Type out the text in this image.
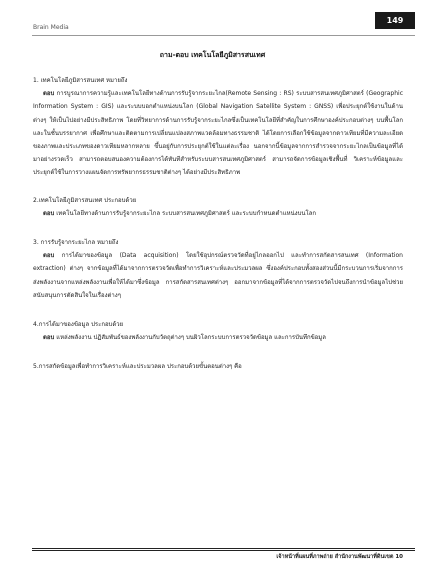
149
Brain Media
ถาม-ตอบ เทคโนโลยีภูมิสารสนเทศ

1. เทคโนโลยีภูมิสารสนเทศ หมายถึง

ตอบ การบูรณาการความรู้และเทคโนโลยีทางด้านการรับรู้จากระยะไกล(Remote Sensing : RS) ระบบสารสนเทศภูมิศาสตร์ (Geographic Information System : GIS) และระบบบอกตำแหน่งบนโลก (Global Navigation Satellite System : GNSS) เพื่อประยุกต์ใช้งานในด้านต่างๆ ให้เป็นไปอย่างมีประสิทธิภาพ โดยที่วิทยาการด้านการรับรู้จากระยะไกลซึ่งเป็นเทคโนโลยีที่สำคัญในการศึกษาองค์ประกอบต่างๆ บนพื้นโลกและในชั้นบรรยากาศ เพื่อศึกษาและติดตามการเปลี่ยนแปลงสภาพแวดล้อมทางธรรมชาติ ได้โดยการเลือกใช้ข้อมูลจากดาวเทียมที่มีความละเอียดของภาพและประเภทของดาวเทียมหลากหลาย ขึ้นอยู่กับการประยุกต์ใช้ในแต่ละเรื่อง นอกจากนี้ข้อมูลจากการสำรวจจากระยะไกลเป็นข้อมูลที่ได้มาอย่างรวดเร็ว สามารถตอบสนองความต้องการได้ทันทีสำหรับระบบสารสนเทศภูมิศาสตร์ สามารถจัดการข้อมูลเชิงพื้นที่ วิเคราะห์ข้อมูลและประยุกต์ใช้ในการวางแผนจัดการทรัพยากรธรรมชาติต่างๆ ได้อย่างมีประสิทธิภาพ

2.เทคโนโลยีภูมิสารสนเทศ ประกอบด้วย

ตอบ เทคโนโลยีทางด้านการรับรู้จากระยะไกล ระบบสารสนเทศภูมิศาสตร์ และระบบกำหนดตำแหน่งบนโลก

3. การรับรู้จากระยะไกล หมายถึง

ตอบ การได้มาของข้อมูล (Data acquisition) โดยใช้อุปกรณ์ตรวจวัดที่อยู่ไกลออกไป และทำการสกัดสารสนเทศ (Information extraction) ต่างๆ จากข้อมูลที่ได้มาจากการตรวจวัดเพื่อทำการวิเคราะห์และประมวลผล ซึ่งองค์ประกอบทั้งสองส่วนนี้มีกระบวนการเริ่มจากการส่งพลังงานจากแหล่งพลังงานเพื่อให้ได้มาซึ่งข้อมูล การสกัดสารสนเทศต่างๆ ออกมาจากข้อมูลที่ได้จากการตรวจวัดไปจนถึงการนำข้อมูลไปช่วยสนับสนุนการตัดสินใจในเรื่องต่างๆ

4.การได้มาของข้อมูล ประกอบด้วย

ตอบ แหล่งพลังงาน ปฏิสัมพันธ์ของพลังงานกับวัตถุต่างๆ บนผิวโลกระบบการตรวจวัดข้อมูล และการบันทึกข้อมูล

5.การสกัดข้อมูลเพื่อทำการวิเคราะห์และประมวลผล ประกอบด้วยขั้นตอนต่างๆ คือ

เจ้าหน้าที่แผนที่ภาพถ่าย สำนักงานพัฒนาที่ดินเขต 10
